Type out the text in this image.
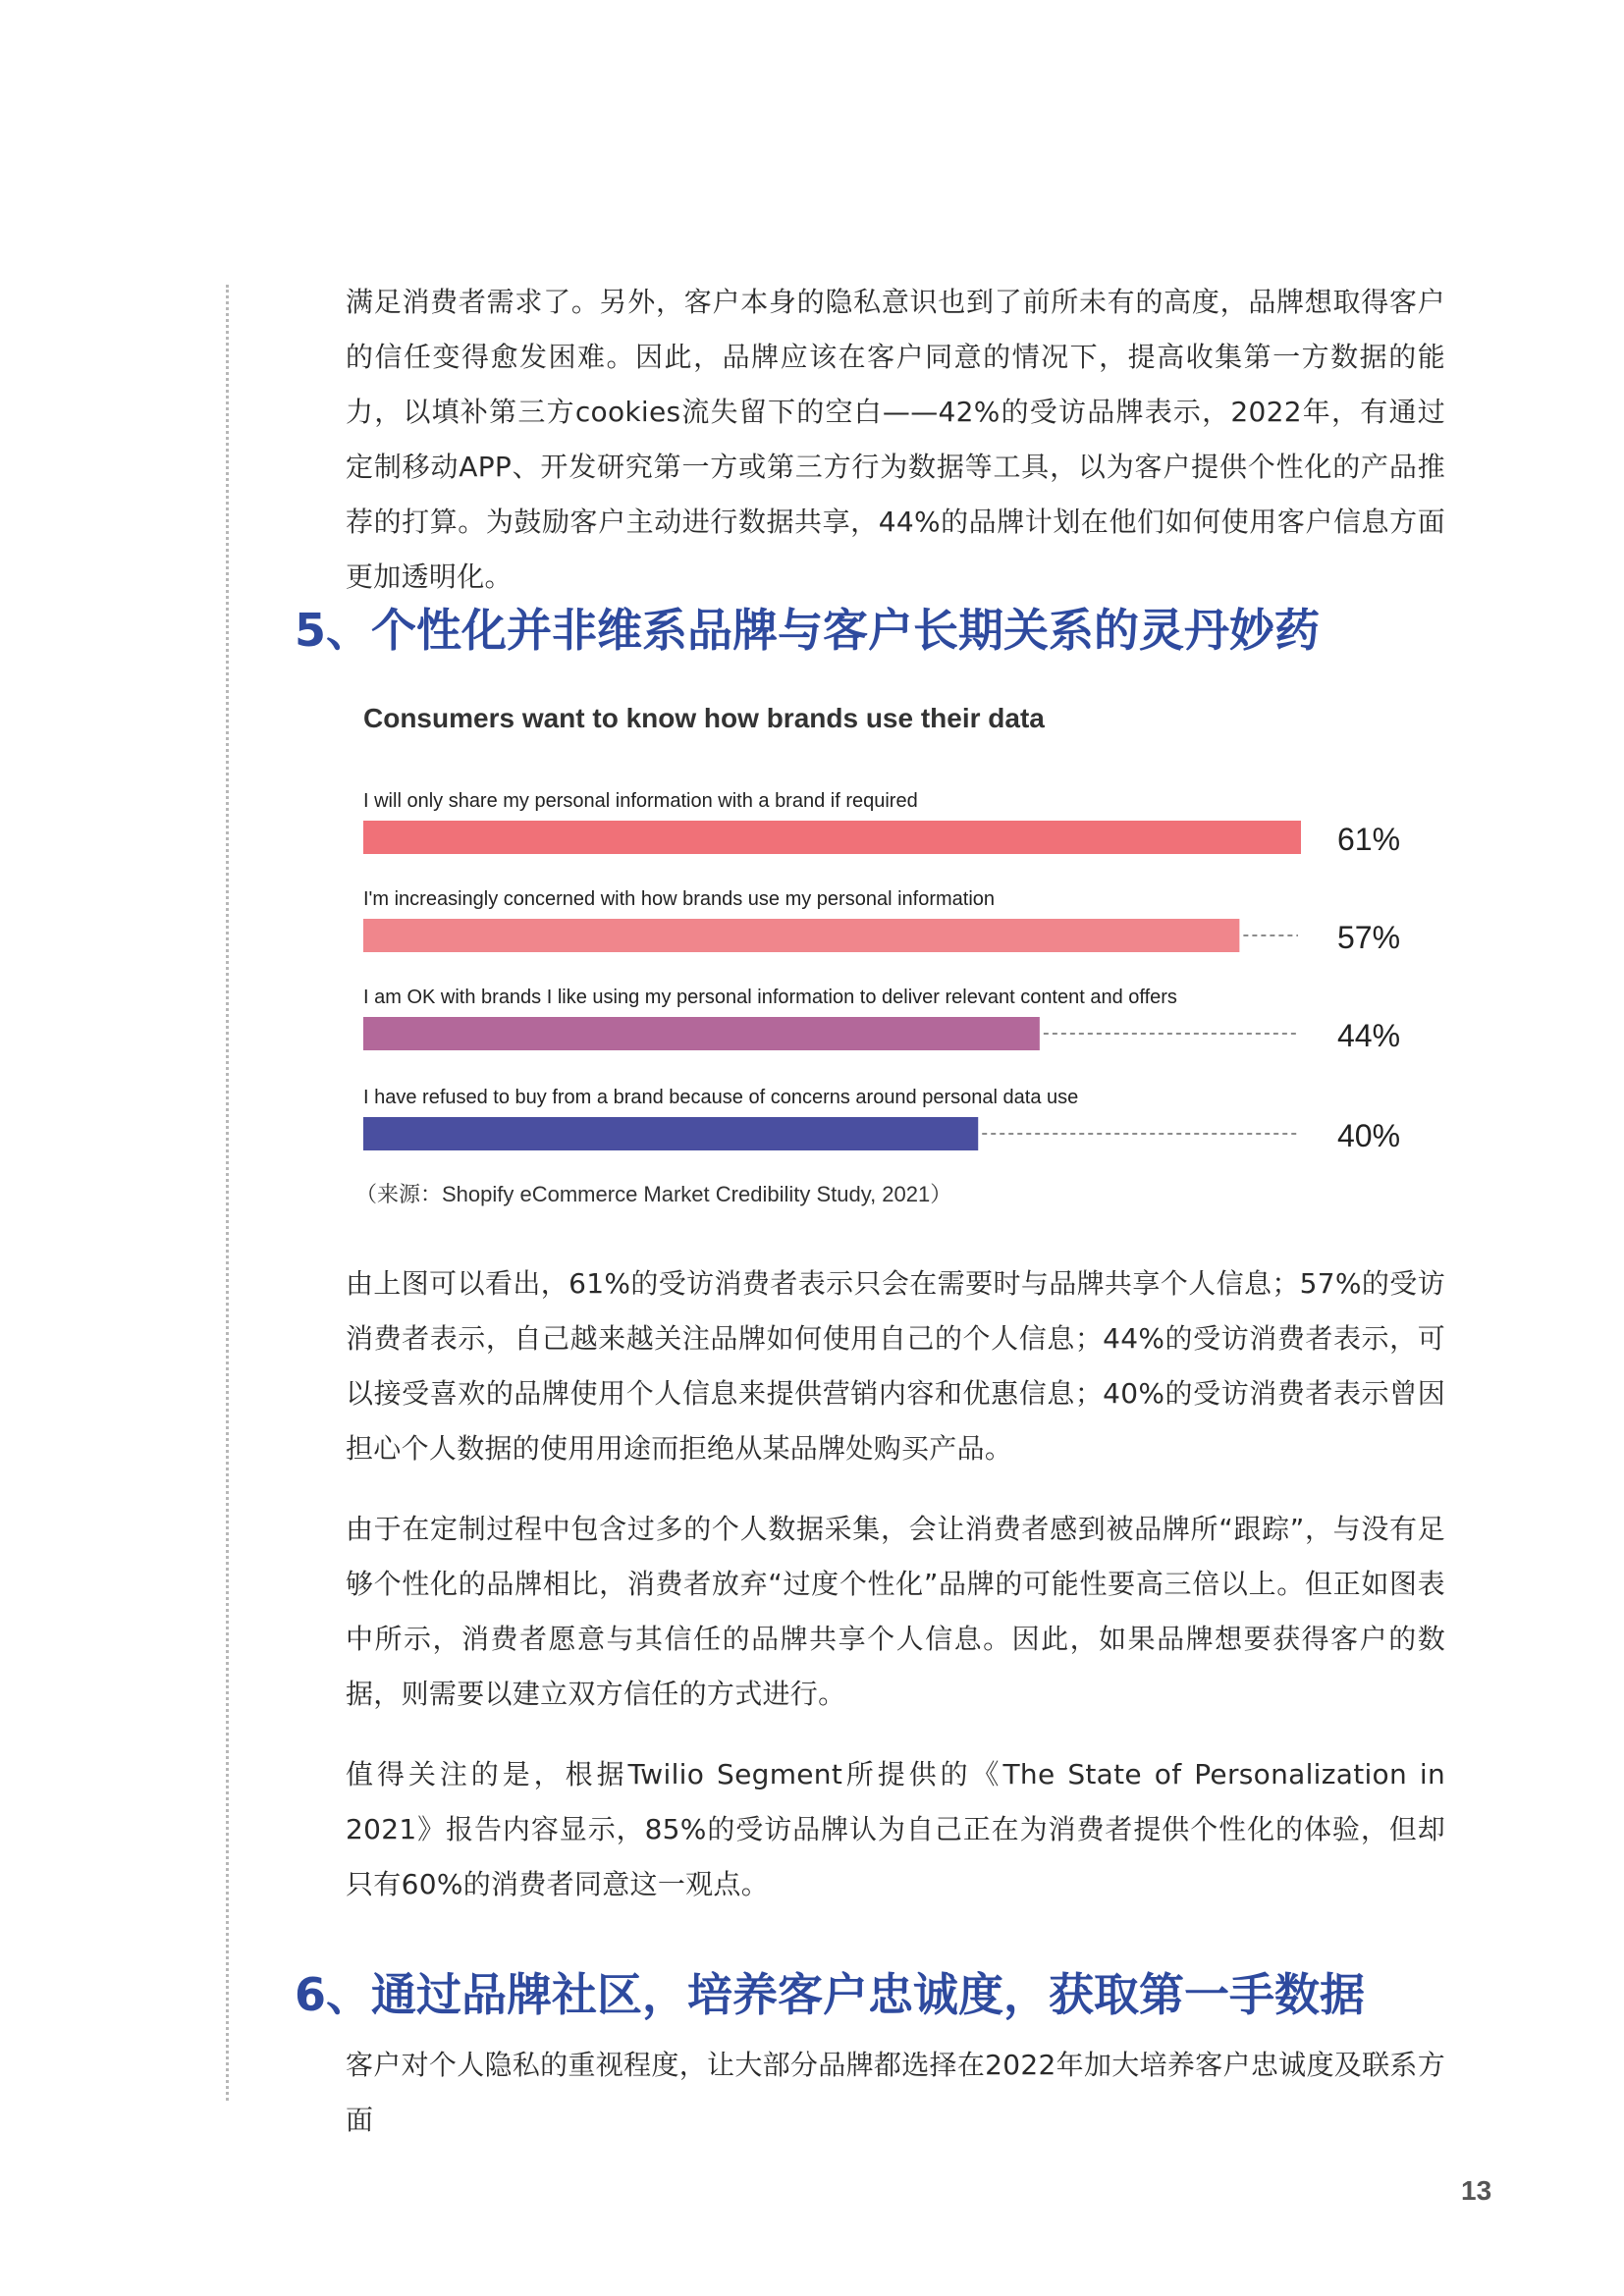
满足消费者需求了。另外，客户本身的隐私意识也到了前所未有的高度，品牌想取得客户的信任变得愈发困难。因此，品牌应该在客户同意的情况下，提高收集第一方数据的能力，以填补第三方cookies流失留下的空白——42%的受访品牌表示，2022年，有通过定制移动APP、开发研究第一方或第三方行为数据等工具，以为客户提供个性化的产品推荐的打算。为鼓励客户主动进行数据共享，44%的品牌计划在他们如何使用客户信息方面更加透明化。

5、个性化并非维系品牌与客户长期关系的灵丹妙药
Consumers want to know how brands use their data
I will only share my personal information with a brand if required
61%
I'm increasingly concerned with how brands use my personal information
57%
I am OK with brands I like using my personal information to deliver relevant content and offers
44%
I have refused to buy from a brand because of concerns around personal data use
40%

（来源：Shopify eCommerce Market Credibility Study, 2021）

由上图可以看出，61%的受访消费者表示只会在需要时与品牌共享个人信息；57%的受访消费者表示，自己越来越关注品牌如何使用自己的个人信息；44%的受访消费者表示，可以接受喜欢的品牌使用个人信息来提供营销内容和优惠信息；40%的受访消费者表示曾因担心个人数据的使用用途而拒绝从某品牌处购买产品。

由于在定制过程中包含过多的个人数据采集，会让消费者感到被品牌所“跟踪”，与没有足够个性化的品牌相比，消费者放弃“过度个性化”品牌的可能性要高三倍以上。但正如图表中所示，消费者愿意与其信任的品牌共享个人信息。因此，如果品牌想要获得客户的数据，则需要以建立双方信任的方式进行。

值得关注的是，根据Twilio Segment所提供的《The State of Personalization in 2021》报告内容显示，85%的受访品牌认为自己正在为消费者提供个性化的体验，但却只有60%的消费者同意这一观点。

6、通过品牌社区，培养客户忠诚度，获取第一手数据

客户对个人隐私的重视程度，让大部分品牌都选择在2022年加大培养客户忠诚度及联系方面

13
